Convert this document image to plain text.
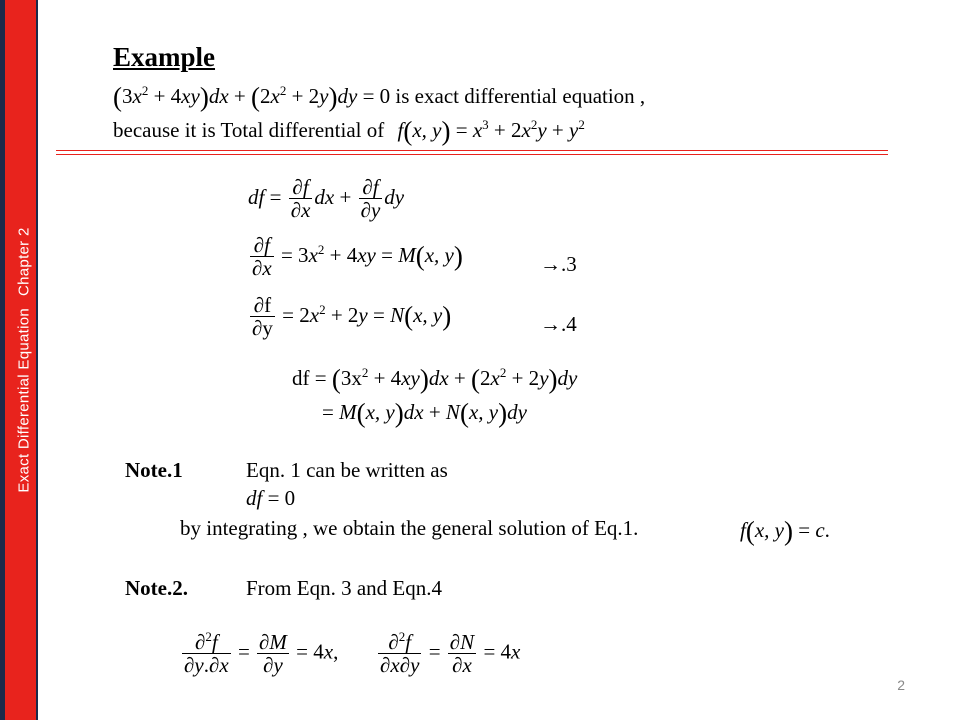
Exact Differential EquationChapter 2
Example
$(3x^2 + 4xy)dx + (2x^2 + 2y)dy = 0$ is exact differential equation ,
because it is Total differential of f(x, $y) = x^3 + 2x^2y + y^2$
df = $\frac{\partial f}{\partial x}$ dx + $\frac{\partial f}{\partial y}$ dy
$\frac{\partial f}{\partial x} = 3x^2 + 4xy = M(x$, y)	→.3
$\frac{\partial f}{\partial y} = 2x^2 + 2y = N(x$, y)	→.4
df = $(3x^2 + 4xy)dx + (2x^2 + 2y)dy$
= M(x, y)dx + N(x, y)dy
Note.1	Eqn. 1 can be written as
df = 0
by integrating , we obtain the general solution of Eq.1.	f(x, y) = c.
Note.2.	From Eqn. 3 and Eqn.4
$\frac{\partial^2f}{\partial y.\partial x} = \frac{\partial M}{\partial y} = 4x$, $\frac{\partial^2f}{\partial x\partial y} = \frac{\partial N}{\partial x} = 4x$
2
